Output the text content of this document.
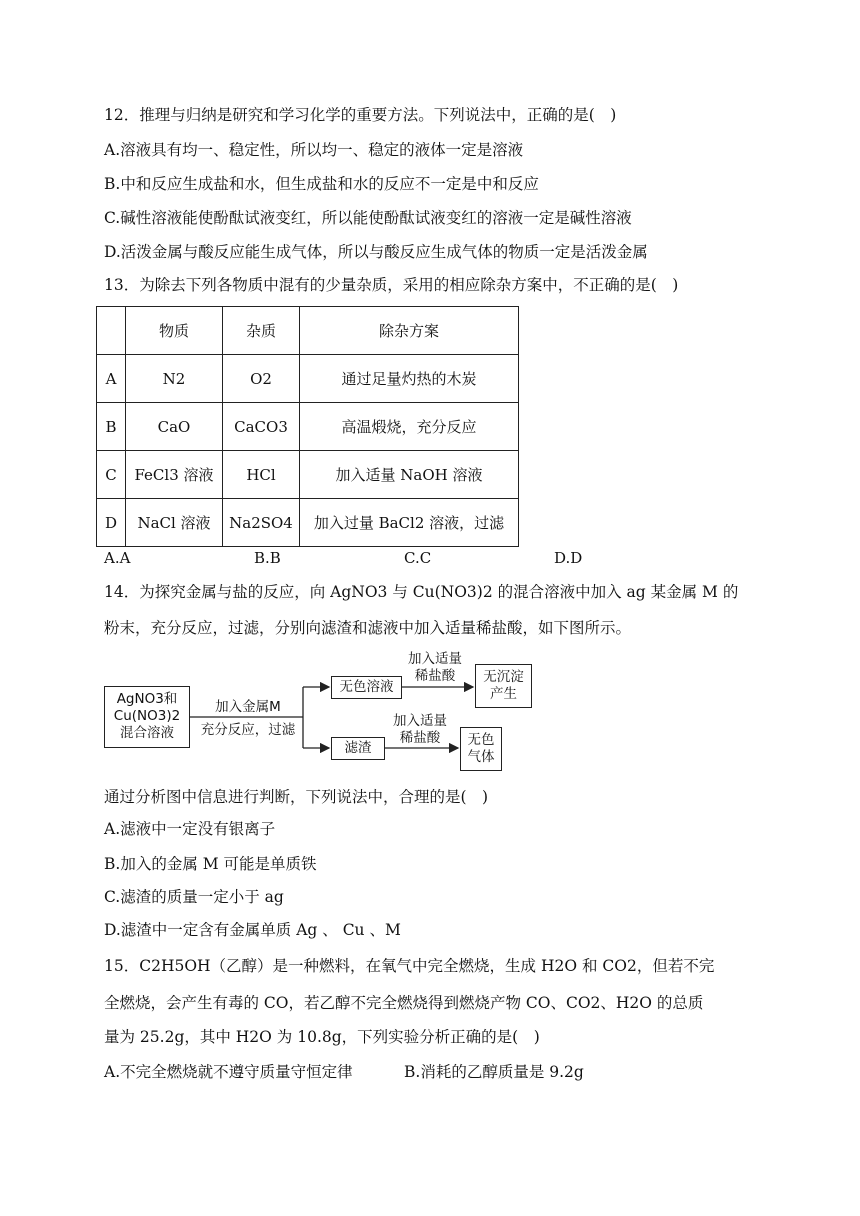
12．推理与归纳是研究和学习化学的重要方法。下列说法中，正确的是(　)
A.溶液具有均一、稳定性，所以均一、稳定的液体一定是溶液
B.中和反应生成盐和水，但生成盐和水的反应不一定是中和反应
C.碱性溶液能使酚酞试液变红，所以能使酚酞试液变红的溶液一定是碱性溶液
D.活泼金属与酸反应能生成气体，所以与酸反应生成气体的物质一定是活泼金属
13．为除去下列各物质中混有的少量杂质，采用的相应除杂方案中，不正确的是(　)
	物质	杂质	除杂方案
A	N2	O2	通过足量灼热的木炭
B	CaO	CaCO3	高温煅烧，充分反应
C	FeCl3 溶液	HCl	加入适量 NaOH 溶液
D	NaCl 溶液	Na2SO4	加入过量 BaCl2 溶液，过滤
A.A	B.B	C.C	D.D
14．为探究金属与盐的反应，向 AgNO3 与 Cu(NO3)2 的混合溶液中加入 ag 某金属 M 的
粉末，充分反应，过滤，分别向滤渣和滤液中加入适量稀盐酸，如下图所示。
AgNO3和
Cu(NO3)2
混合溶液
加入金属M
充分反应，过滤
无色溶液
加入适量
稀盐酸	无沉淀
产生
滤渣
加入适量
稀盐酸	无色
气体
通过分析图中信息进行判断，下列说法中，合理的是(　)
A.滤液中一定没有银离子
B.加入的金属 M 可能是单质铁
C.滤渣的质量一定小于 ag
D.滤渣中一定含有金属单质 Ag 、 Cu 、M
15．C2H5OH（乙醇）是一种燃料，在氧气中完全燃烧，生成 H2O 和 CO2，但若不完
全燃烧，会产生有毒的 CO，若乙醇不完全燃烧得到燃烧产物 CO、CO2、H2O 的总质
量为 25.2g，其中 H2O 为 10.8g，下列实验分析正确的是(　)
A.不完全燃烧就不遵守质量守恒定律	B.消耗的乙醇质量是 9.2g
